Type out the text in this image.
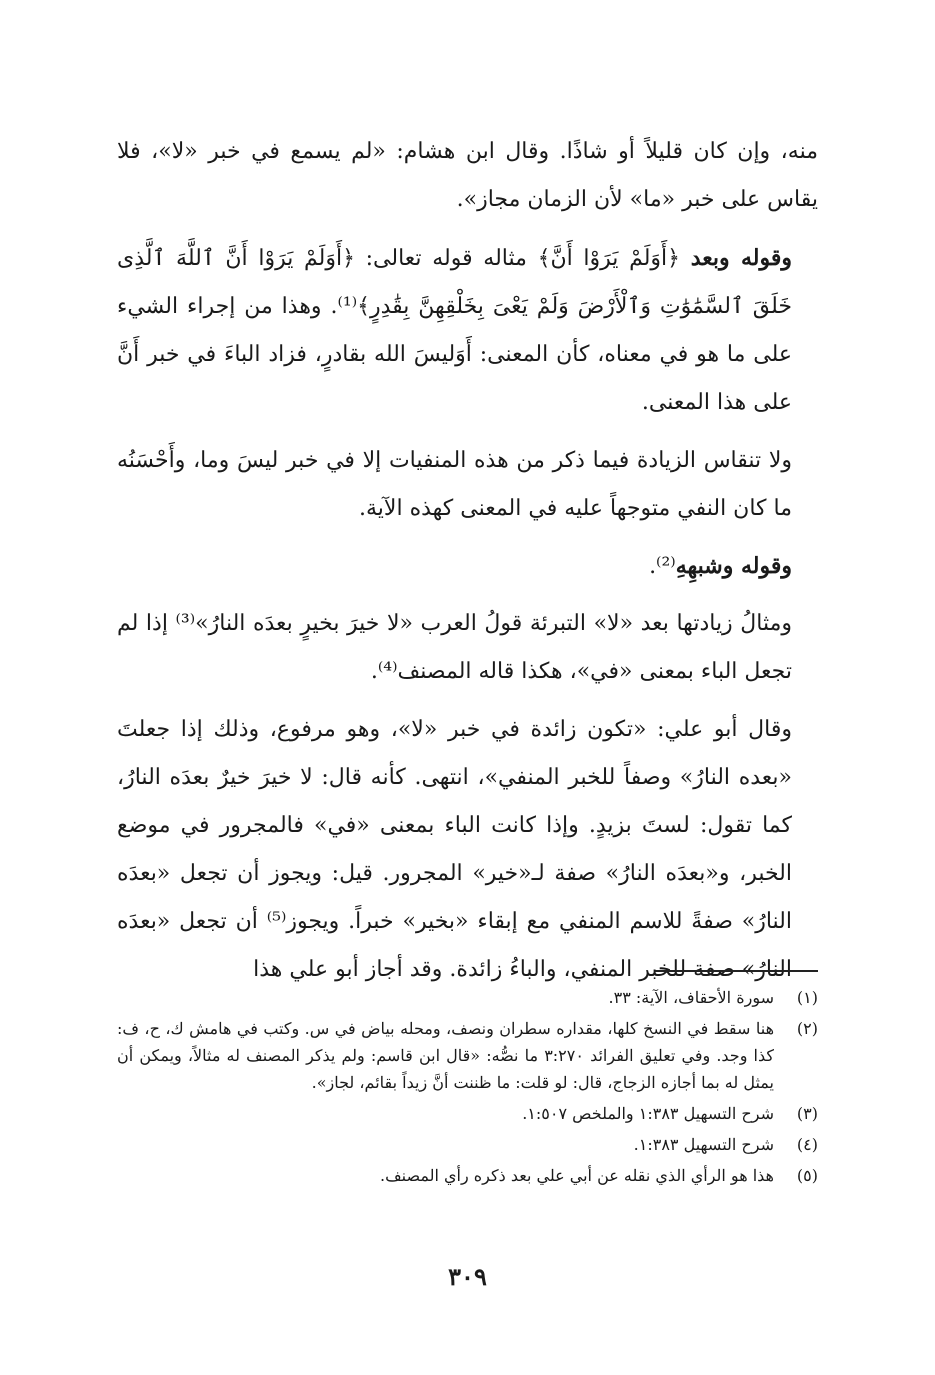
منه، وإن كان قليلاً أو شاذًا. وقال ابن هشام: «لم يسمع في خبر «لا»، فلا يقاس على خبر «ما» لأن الزمان مجاز».

وقوله وبعد ﴿أَوَلَمْ يَرَوْا أَنَّ﴾ مثاله قوله تعالى: ﴿أَوَلَمْ يَرَوْا أَنَّ ٱللَّهَ ٱلَّذِى خَلَقَ ٱلسَّمَٰوَٰتِ وَٱلْأَرْضَ وَلَمْ يَعْىَ بِخَلْقِهِنَّ بِقَٰدِرٍ﴾⁽¹⁾. وهذا من إجراء الشيء على ما هو في معناه، كأن المعنى: أَوَليسَ الله بقادرٍ، فزاد الباءَ في خبر أَنَّ على هذا المعنى.

ولا تنقاس الزيادة فيما ذكر من هذه المنفيات إلا في خبر ليسَ وما، وأَحْسَنُه ما كان النفي متوجهاً عليه في المعنى كهذه الآية.

وقوله وشبهِهِ⁽²⁾.

ومثالُ زيادتها بعد «لا» التبرئة قولُ العرب «لا خيرَ بخيرٍ بعدَه النارُ»⁽³⁾ إذا لم تجعل الباء بمعنى «في»، هكذا قاله المصنف⁽⁴⁾.

وقال أبو علي: «تكون زائدة في خبر «لا»، وهو مرفوع، وذلك إذا جعلتَ «بعده النارُ» وصفاً للخبر المنفي»، انتهى. كأنه قال: لا خيرَ خيرٌ بعدَه النارُ، كما تقول: لستَ بزيدٍ. وإذا كانت الباء بمعنى «في» فالمجرور في موضع الخبر، و«بعدَه النارُ» صفة لـ«خير» المجرور. قيل: ويجوز أن تجعل «بعدَه النارُ» صفةً للاسم المنفي مع إبقاء «بخير» خبراً. ويجوز⁽⁵⁾ أن تجعل «بعدَه النارُ» صفة للخبر المنفي، والباءُ زائدة. وقد أجاز أبو علي هذا

(١)
سورة الأحقاف، الآية: ٣٣.
(٢)
هنا سقط في النسخ كلها، مقداره سطران ونصف، ومحله بياض في س. وكتب في هامش ك، ح، ف: كذا وجد. وفي تعليق الفرائد ٣:٢٧٠ ما نصُّه: «قال ابن قاسم: ولم يذكر المصنف له مثالاً، ويمكن أن يمثل له بما أجازه الزجاج، قال: لو قلت: ما ظننت أنَّ زيداً بقائم، لجاز».
(٣)
شرح التسهيل ١:٣٨٣ والملخص ١:٥٠٧.
(٤)
شرح التسهيل ١:٣٨٣.
(٥)
هذا هو الرأي الذي نقله عن أبي علي بعد ذكره رأي المصنف.
٣٠٩
